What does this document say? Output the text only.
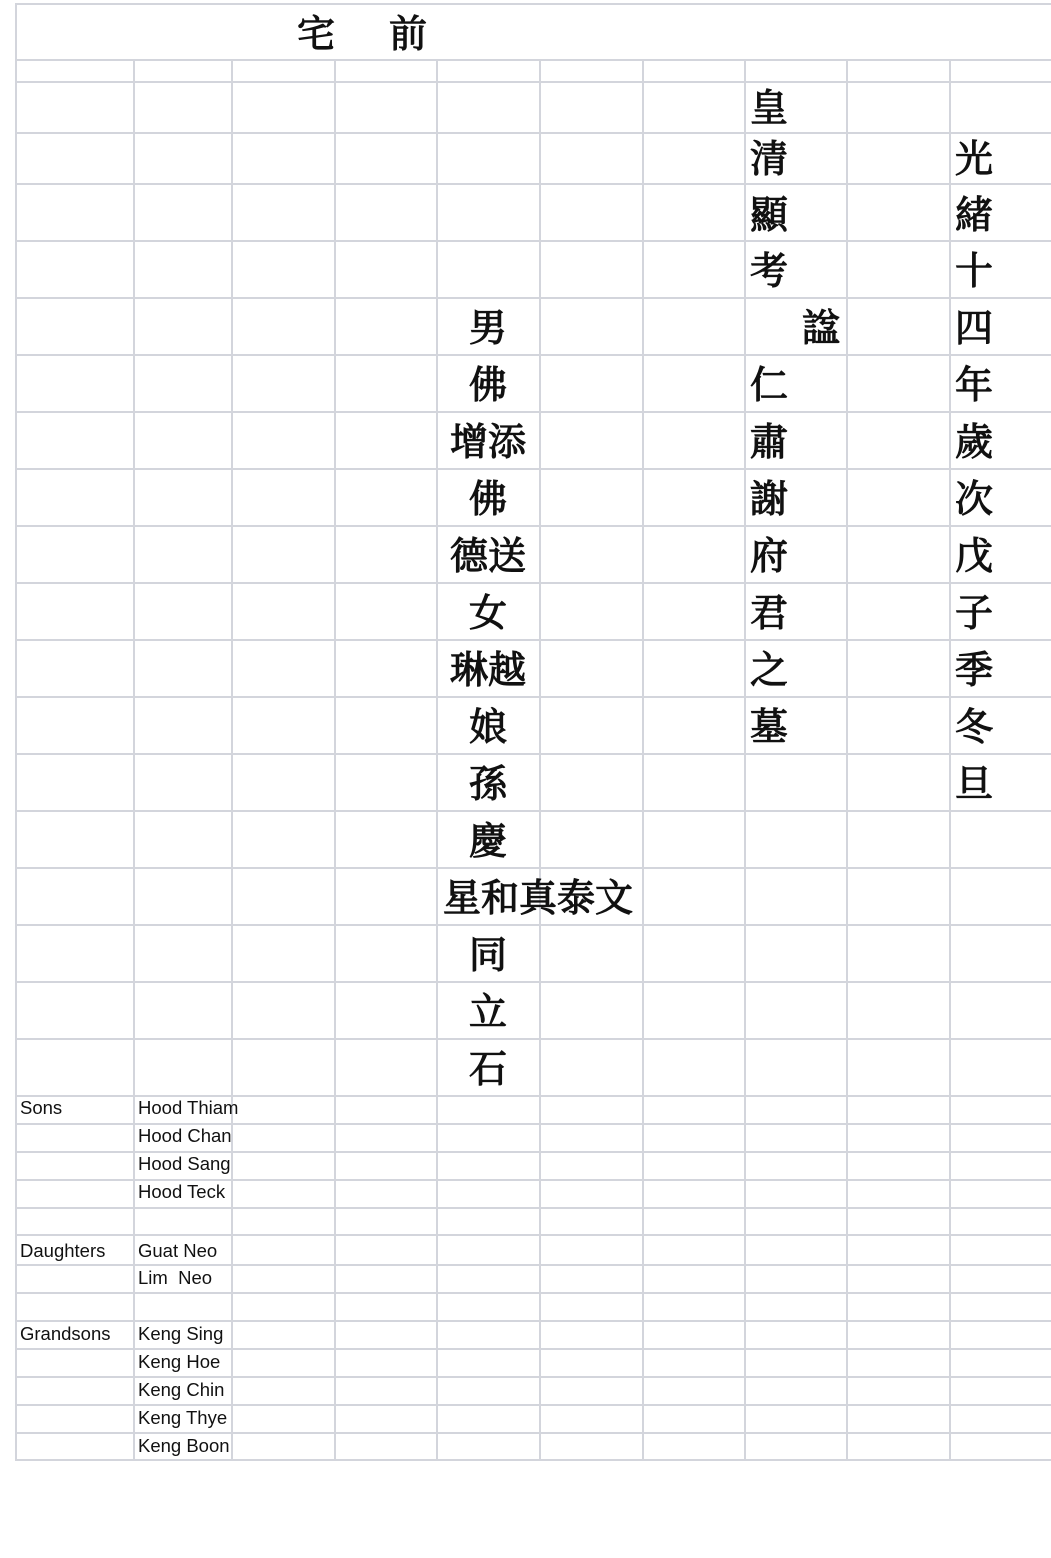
宅 前
光
緒
十
四
年
歲
次
戊
子
季
冬
旦
皇
清
顯
考
諡
仁
肅
謝
府
君
之
墓
男
佛
增添
佛
德送
女
琳越
娘
孫
慶
星和真泰文
同
立
石
Sons	Hood Thiam
Hood Chan
Hood Sang
Hood Teck
Daughters Guat Neo
Lim  Neo
Grandsons Keng Sing
Keng Hoe
Keng Chin
Keng Thye
Keng Boon
